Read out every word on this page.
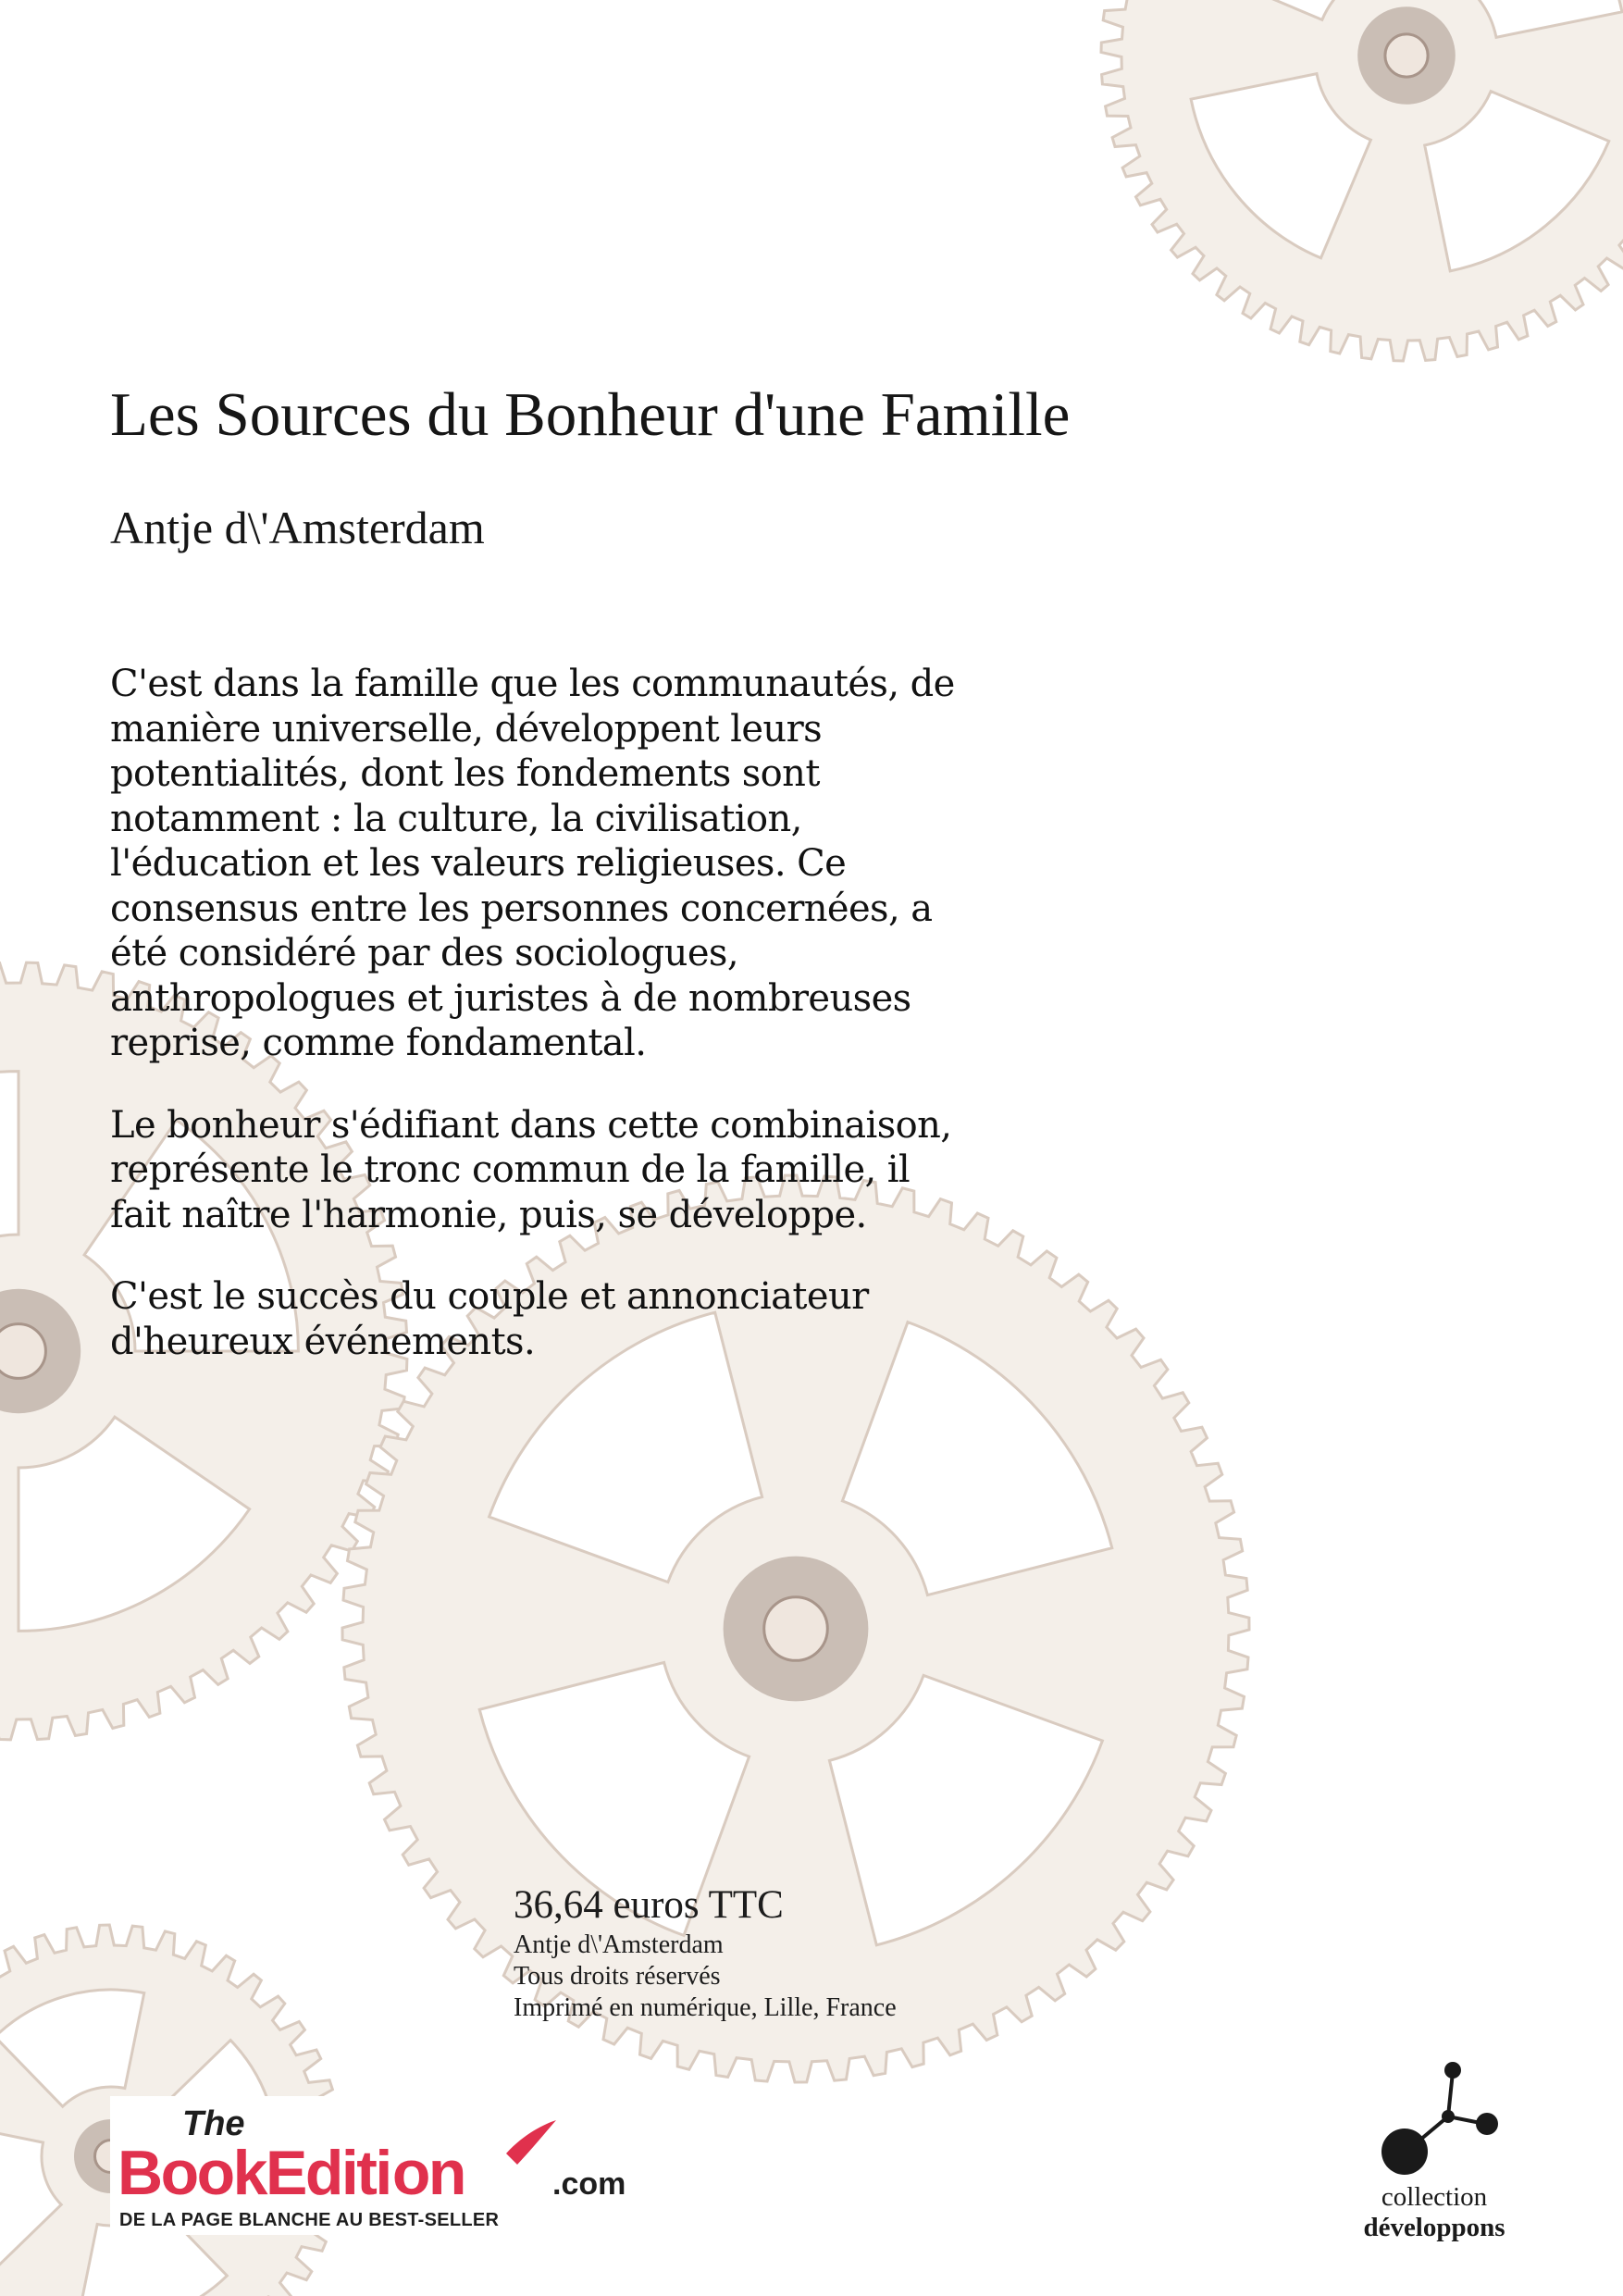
Les Sources du Bonheur d'une Famille
Antje d\'Amsterdam

C'est dans la famille que les communautés, de
manière universelle, développent leurs
potentialités, dont les fondements sont
notamment : la culture, la civilisation,
l'éducation et les valeurs religieuses. Ce
consensus entre les personnes concernées, a
été considéré par des sociologues,
anthropologues et juristes à de nombreuses
reprise, comme fondamental.

Le bonheur s'édifiant dans cette combinaison,
représente le tronc commun de la famille, il
fait naître l'harmonie, puis, se développe.

C'est le succès du couple et annonciateur
d'heureux événements.

36,64 euros TTC
Antje d\'Amsterdam
Tous droits réservés
Imprimé en numérique, Lille, France
The
BookEdition	.com
DE LA PAGE BLANCHE AU BEST-SELLER
collection
développons
